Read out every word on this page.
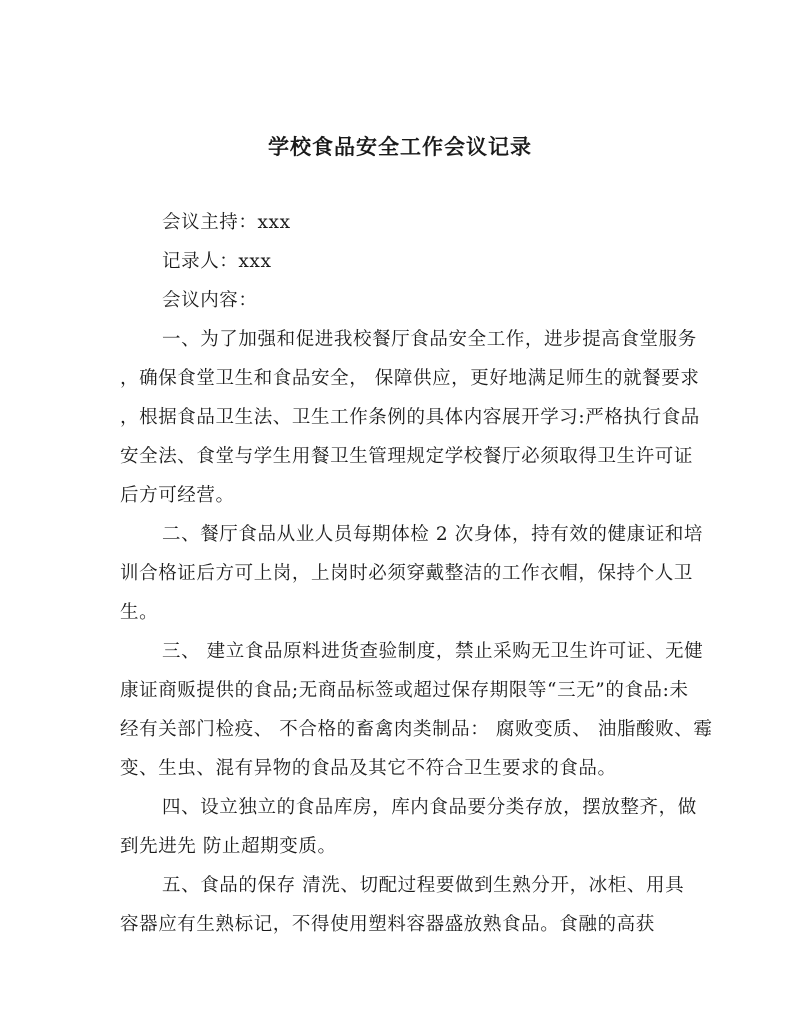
学校食品安全工作会议记录
会议主持：xxx
记录人：xxx
会议内容：
一、为了加强和促进我校餐厅食品安全工作，进步提高食堂服务
，确保食堂卫生和食品安全， 保障供应，更好地满足师生的就餐要求
，根据食品卫生法、卫生工作条例的具体内容展开学习:严格执行食品
安全法、食堂与学生用餐卫生管理规定学校餐厅必须取得卫生许可证
后方可经营。
二、餐厅食品从业人员每期体检 2 次身体，持有效的健康证和培
训合格证后方可上岗，上岗时必须穿戴整洁的工作衣帽，保持个人卫
生。
三、 建立食品原料进货查验制度，禁止采购无卫生许可证、无健
康证商贩提供的食品;无商品标签或超过保存期限等“三无”的食品:未
经有关部门检疫、 不合格的畜禽肉类制品： 腐败变质、 油脂酸败、霉
变、生虫、混有异物的食品及其它不符合卫生要求的食品。
四、设立独立的食品库房，库内食品要分类存放，摆放整齐，做
到先进先 防止超期变质。
五、食品的保存 清洗、切配过程要做到生熟分开，冰柜、用具
容器应有生熟标记，不得使用塑料容器盛放熟食品。食融的高获
